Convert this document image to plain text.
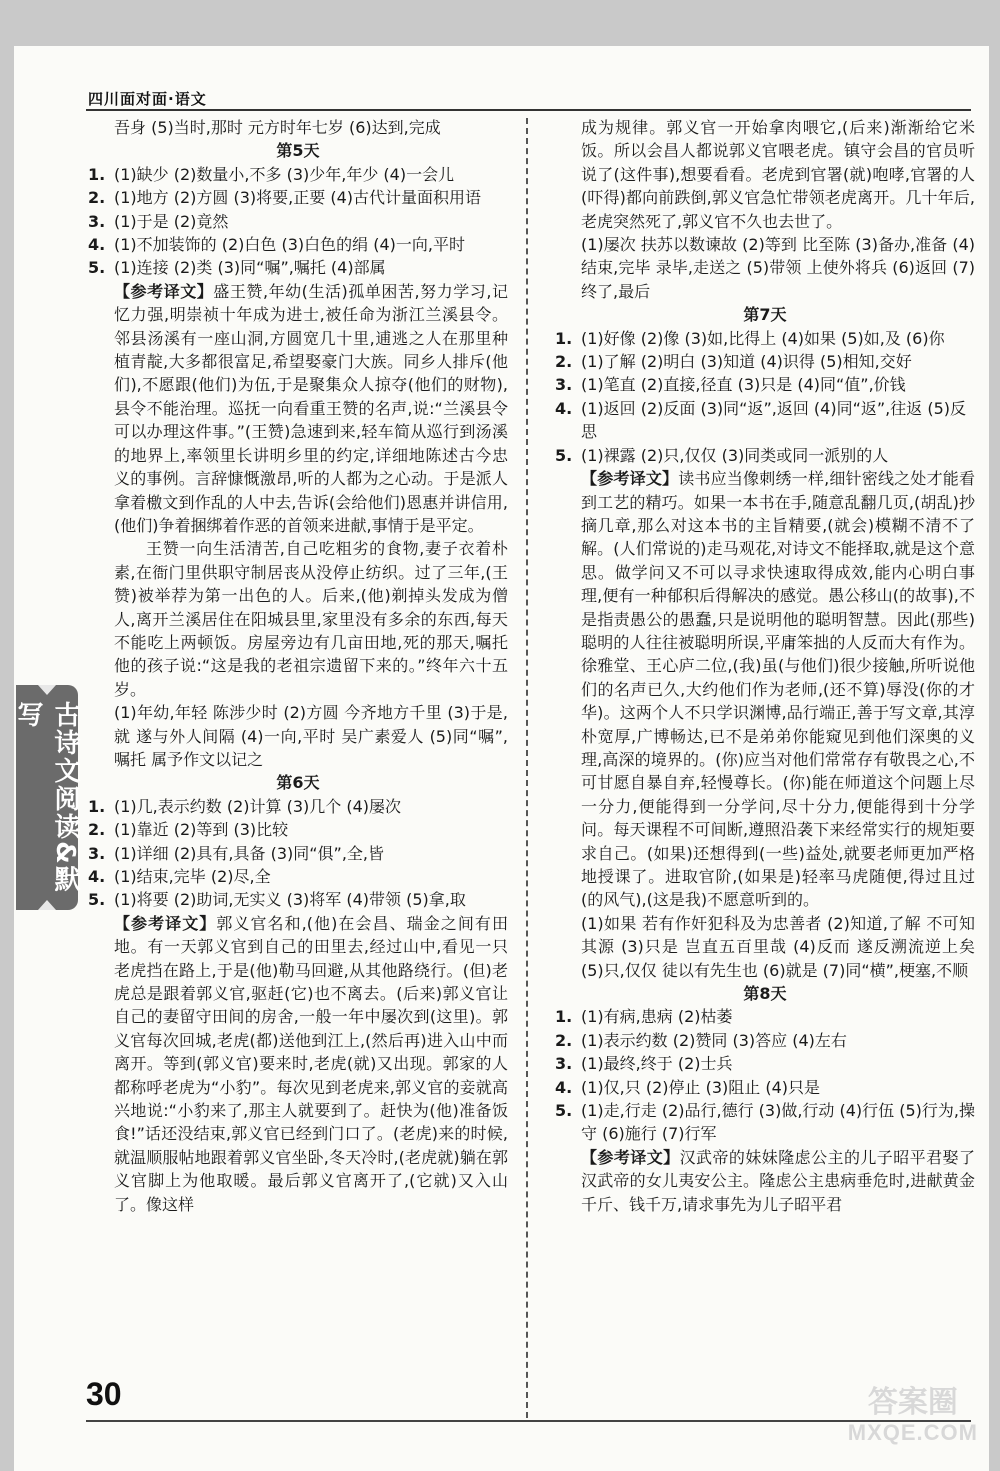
四川面对面·语文
古诗文阅读&默写

吾身 (5)当时,那时 元方时年七岁 (6)达到,完成

第5天

1. (1)缺少 (2)数量小,不多 (3)少年,年少 (4)一会儿
2. (1)地方 (2)方圆 (3)将要,正要 (4)古代计量面积用语
3. (1)于是 (2)竟然
4. (1)不加装饰的 (2)白色 (3)白色的绢 (4)一向,平时
5. (1)连接 (2)类 (3)同“嘱”,嘱托 (4)部属

【参考译文】盛王赞,年幼(生活)孤单困苦,努力学习,记忆力强,明崇祯十年成为进士,被任命为浙江兰溪县令。邻县汤溪有一座山洞,方圆宽几十里,逋逃之人在那里种植青靛,大多都很富足,希望娶豪门大族。同乡人排斥(他们),不愿跟(他们)为伍,于是聚集众人掠夺(他们的财物),县令不能治理。巡抚一向看重王赞的名声,说:“兰溪县令可以办理这件事。”(王赞)急速到来,轻车简从巡行到汤溪的地界上,率领里长讲明乡里的约定,详细地陈述古今忠义的事例。言辞慷慨激昂,听的人都为之心动。于是派人拿着檄文到作乱的人中去,告诉(会给他们)恩惠并讲信用,(他们)争着捆绑着作恶的首领来进献,事情于是平定。

王赞一向生活清苦,自己吃粗劣的食物,妻子衣着朴素,在衙门里供职守制居丧从没停止纺织。过了三年,(王赞)被举荐为第一出色的人。后来,(他)剃掉头发成为僧人,离开兰溪居住在阳城县里,家里没有多余的东西,每天不能吃上两顿饭。房屋旁边有几亩田地,死的那天,嘱托他的孩子说:“这是我的老祖宗遗留下来的。”终年六十五岁。

(1)年幼,年轻 陈涉少时 (2)方圆 今齐地方千里 (3)于是,就 遂与外人间隔 (4)一向,平时 吴广素爱人 (5)同“嘱”,嘱托 属予作文以记之

第6天

1. (1)几,表示约数 (2)计算 (3)几个 (4)屡次
2. (1)靠近 (2)等到 (3)比较
3. (1)详细 (2)具有,具备 (3)同“俱”,全,皆
4. (1)结束,完毕 (2)尽,全
5. (1)将要 (2)助词,无实义 (3)将军 (4)带领 (5)拿,取

【参考译文】郭义官名和,(他)在会昌、瑞金之间有田地。有一天郭义官到自己的田里去,经过山中,看见一只老虎挡在路上,于是(他)勒马回避,从其他路绕行。(但)老虎总是跟着郭义官,驱赶(它)也不离去。(后来)郭义官让自己的妻留守田间的房舍,一般一年中屡次到(这里)。郭义官每次回城,老虎(都)送他到江上,(然后再)进入山中而离开。等到(郭义官)要来时,老虎(就)又出现。郭家的人都称呼老虎为“小豹”。每次见到老虎来,郭义官的妾就高兴地说:“小豹来了,那主人就要到了。赶快为(他)准备饭食!”话还没结束,郭义官已经到门口了。(老虎)来的时候,就温顺服帖地跟着郭义官坐卧,冬天冷时,(老虎就)躺在郭义官脚上为他取暖。最后郭义官离开了,(它就)又入山了。像这样

成为规律。郭义官一开始拿肉喂它,(后来)渐渐给它米饭。所以会昌人都说郭义官喂老虎。镇守会昌的官员听说了(这件事),想要看看。老虎到官署(就)咆哮,官署的人(吓得)都向前跌倒,郭义官急忙带领老虎离开。几十年后,老虎突然死了,郭义官不久也去世了。

(1)屡次 扶苏以数谏故 (2)等到 比至陈 (3)备办,准备 (4)结束,完毕 录毕,走送之 (5)带领 上使外将兵 (6)返回 (7)终了,最后

第7天

1. (1)好像 (2)像 (3)如,比得上 (4)如果 (5)如,及 (6)你
2. (1)了解 (2)明白 (3)知道 (4)识得 (5)相知,交好
3. (1)笔直 (2)直接,径直 (3)只是 (4)同“值”,价钱
4. (1)返回 (2)反面 (3)同“返”,返回 (4)同“返”,往返 (5)反思
5. (1)裸露 (2)只,仅仅 (3)同类或同一派别的人

【参考译文】读书应当像刺绣一样,细针密线之处才能看到工艺的精巧。如果一本书在手,随意乱翻几页,(胡乱)抄摘几章,那么对这本书的主旨精要,(就会)模糊不清不了解。(人们常说的)走马观花,对诗文不能择取,就是这个意思。做学问又不可以寻求快速取得成效,能内心明白事理,便有一种郁积后得解决的感觉。愚公移山(的故事),不是指责愚公的愚蠢,只是说明他的聪明智慧。因此(那些)聪明的人往往被聪明所误,平庸笨拙的人反而大有作为。徐雅堂、王心庐二位,(我)虽(与他们)很少接触,所听说他们的名声已久,大约他们作为老师,(还不算)辱没(你的才华)。这两个人不只学识渊博,品行端正,善于写文章,其淳朴宽厚,广博畅达,已不是弟弟你能窥见到他们深奥的义理,高深的境界的。(你)应当对他们常常存有敬畏之心,不可甘愿自暴自弃,轻慢尊长。(你)能在师道这个问题上尽一分力,便能得到一分学问,尽十分力,便能得到十分学问。每天课程不可间断,遵照沿袭下来经常实行的规矩要求自己。(如果)还想得到(一些)益处,就要老师更加严格地授课了。进取官阶,(如果是)轻率马虎随便,得过且过(的风气),(这是我)不愿意听到的。

(1)如果 若有作奸犯科及为忠善者 (2)知道,了解 不可知其源 (3)只是 岂直五百里哉 (4)反而 遂反溯流逆上矣 (5)只,仅仅 徒以有先生也 (6)就是 (7)同“横”,梗塞,不顺

第8天

1. (1)有病,患病 (2)枯萎
2. (1)表示约数 (2)赞同 (3)答应 (4)左右
3. (1)最终,终于 (2)士兵
4. (1)仅,只 (2)停止 (3)阻止 (4)只是
5. (1)走,行走 (2)品行,德行 (3)做,行动 (4)行伍 (5)行为,操守 (6)施行 (7)行军

【参考译文】汉武帝的妹妹隆虑公主的儿子昭平君娶了汉武帝的女儿夷安公主。隆虑公主患病垂危时,进献黄金千斤、钱千万,请求事先为儿子昭平君

30	答案圈
MXQE.COM
